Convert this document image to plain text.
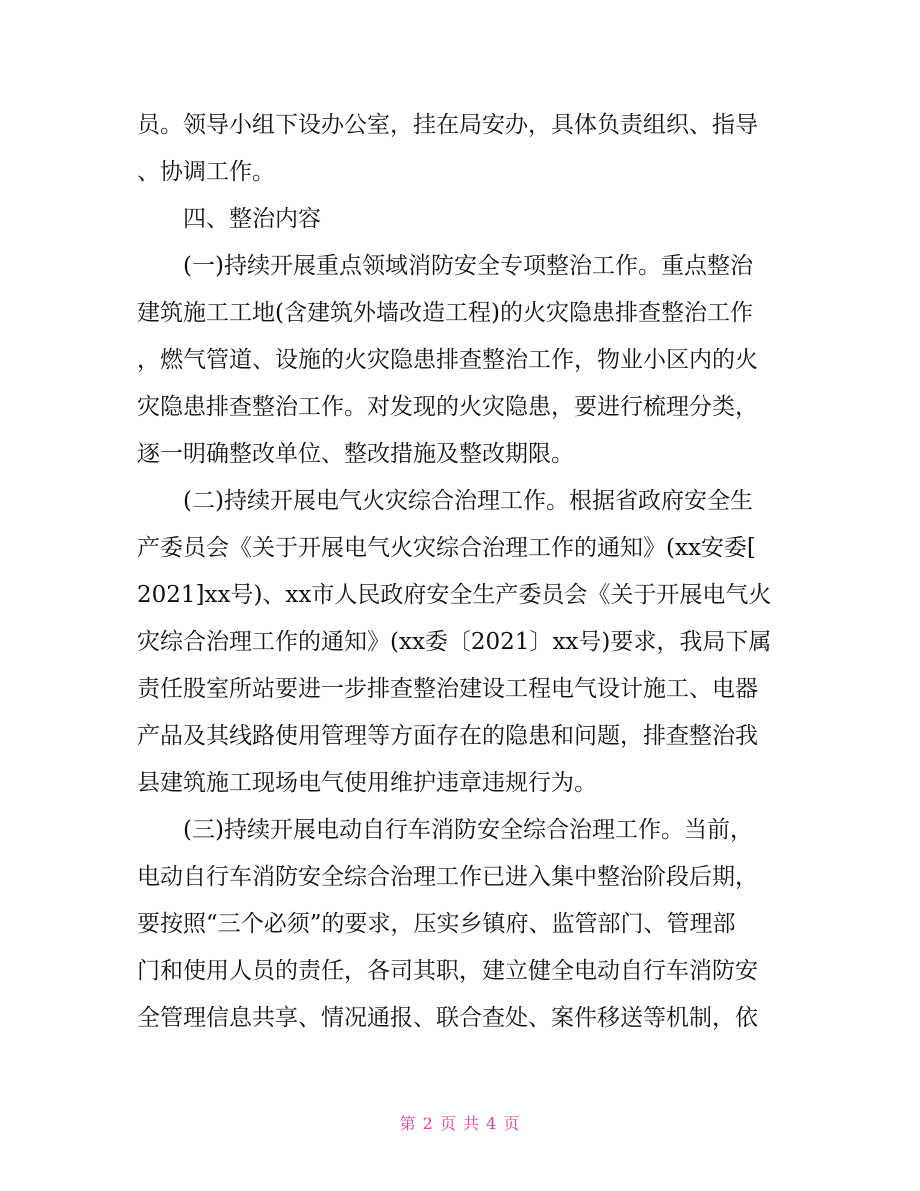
员。领导小组下设办公室，挂在局安办，具体负责组织、指导
、协调工作。
四、整治内容
(一)持续开展重点领域消防安全专项整治工作。重点整治
建筑施工工地(含建筑外墙改造工程)的火灾隐患排查整治工作
，燃气管道、设施的火灾隐患排查整治工作，物业小区内的火
灾隐患排查整治工作。对发现的火灾隐患，要进行梳理分类，
逐一明确整改单位、整改措施及整改期限。
(二)持续开展电气火灾综合治理工作。根据省政府安全生
产委员会《关于开展电气火灾综合治理工作的通知》(xx安委[
2021]xx号)、xx市人民政府安全生产委员会《关于开展电气火
灾综合治理工作的通知》(xx委〔2021〕xx号)要求，我局下属
责任股室所站要进一步排查整治建设工程电气设计施工、电器
产品及其线路使用管理等方面存在的隐患和问题，排查整治我
县建筑施工现场电气使用维护违章违规行为。
(三)持续开展电动自行车消防安全综合治理工作。当前，
电动自行车消防安全综合治理工作已进入集中整治阶段后期，
要按照“三个必须”的要求，压实乡镇府、监管部门、管理部
门和使用人员的责任，各司其职，建立健全电动自行车消防安
全管理信息共享、情况通报、联合查处、案件移送等机制，依
第 2 页 共 4 页
